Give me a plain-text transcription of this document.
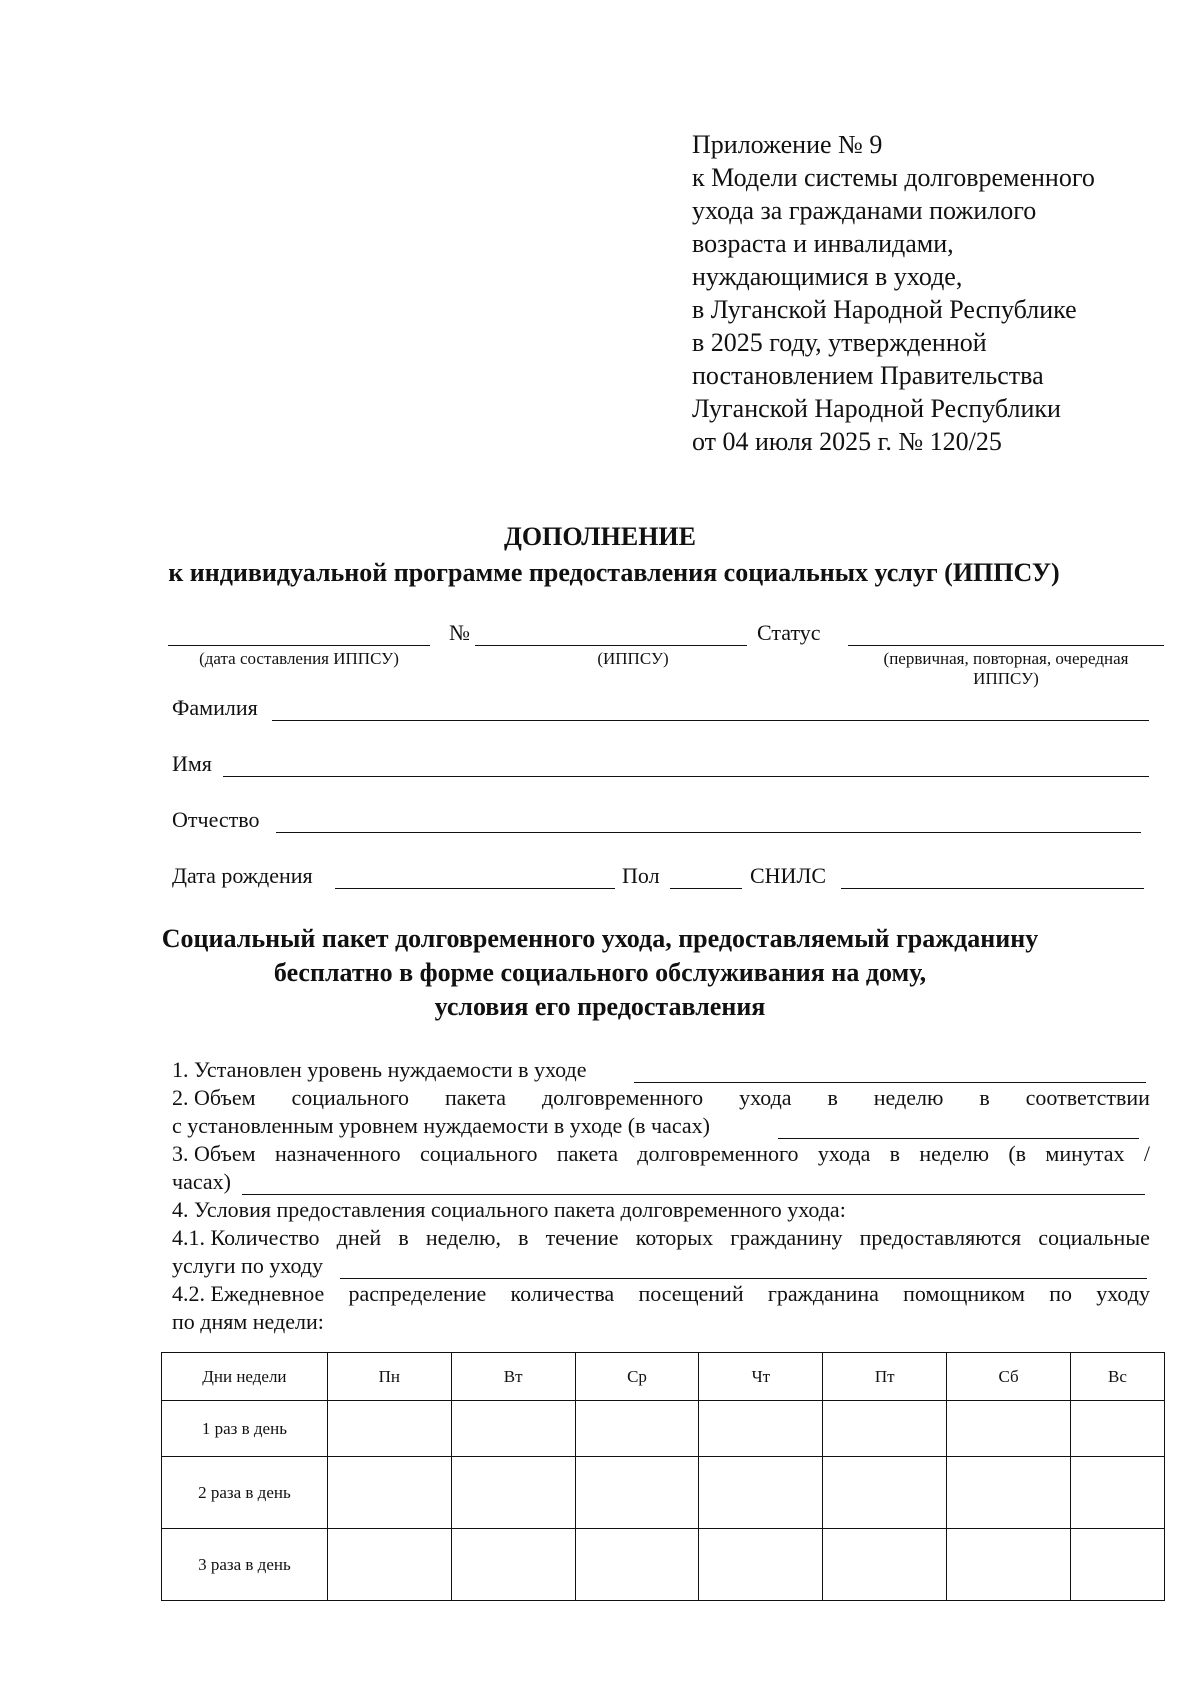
Приложение № 9
к Модели системы долговременного
ухода за гражданами пожилого
возраста и инвалидами,
нуждающимися в уходе,
в Луганской Народной Республике
в 2025 году, утвержденной
постановлением Правительства
Луганской Народной Республики
от 04 июля 2025 г. № 120/25
ДОПОЛНЕНИЕ
к индивидуальной программе предоставления социальных услуг (ИППСУ)
№	Статус
(дата составления ИППСУ)	(ИППСУ)	(первичная, повторная, очередная
ИППСУ)
Фамилия
Имя
Отчество
Дата рождения	Пол	СНИЛС
Социальный пакет долговременного ухода, предоставляемый гражданину
бесплатно в форме социального обслуживания на дому,
условия его предоставления
1. Установлен уровень нуждаемости в уходе
2. Объем социального пакета долговременного ухода в неделю в соответствии
с установленным уровнем нуждаемости в уходе (в часах)
3. Объем назначенного социального пакета долговременного ухода в неделю (в минутах /
часах)
4. Условия предоставления социального пакета долговременного ухода:
4.1. Количество дней в неделю, в течение которых гражданину предоставляются социальные
услуги по уходу
4.2. Ежедневное распределение количества посещений гражданина помощником по уходу
по дням недели:
Дни недели	Пн	Вт	Ср	Чт	Пт	Сб	Вс
1 раз в день							
2 раза в день							
3 раза в день							
